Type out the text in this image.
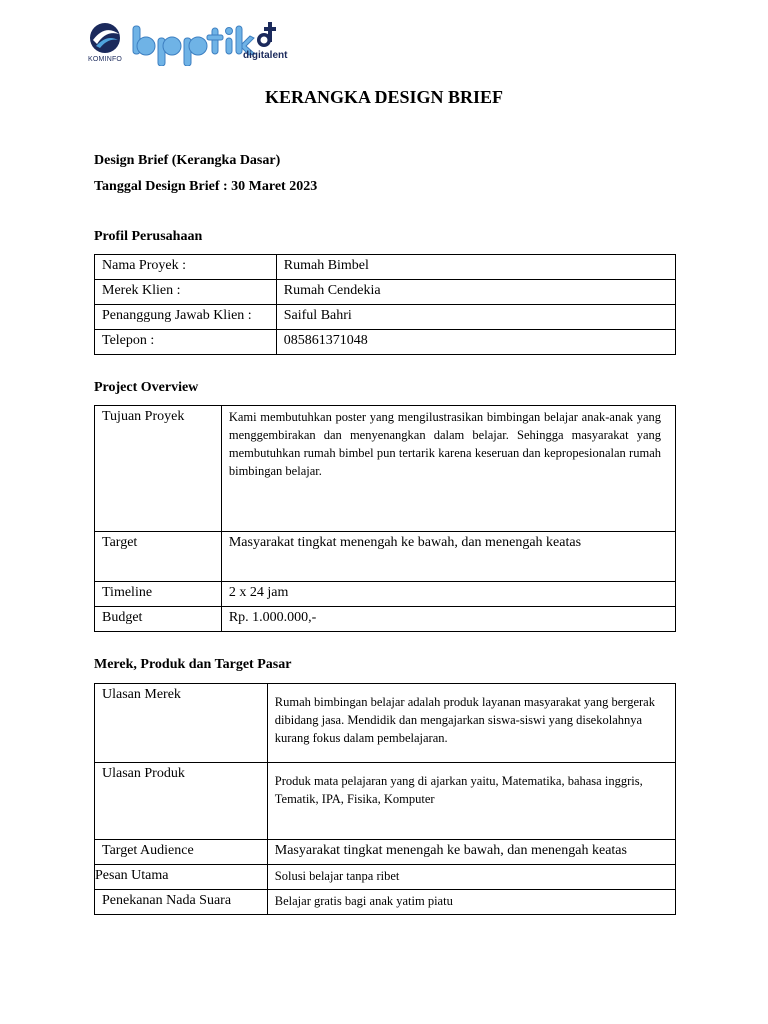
KOMINFO	digitalent
KERANGKA DESIGN BRIEF

Design Brief (Kerangka Dasar)

Tanggal Design Brief : 30 Maret 2023

Profil Perusahaan

Nama Proyek :	Rumah Bimbel

Merek Klien :	Rumah Cendekia

Penanggung Jawab Klien :	Saiful Bahri

Telepon :	085861371048

Project Overview

Tujuan Proyek	Kami membutuhkan poster yang mengilustrasikan bimbingan belajar anak-anak yang menggembirakan dan menyenangkan dalam belajar. Sehingga masyarakat yang membutuhkan rumah bimbel pun tertarik karena keseruan dan kepropesionalan rumah bimbingan belajar.

Target	Masyarakat tingkat menengah ke bawah, dan menengah keatas

Timeline	2 x 24 jam

Budget	Rp. 1.000.000,-

Merek, Produk dan Target Pasar

Ulasan Merek	Rumah bimbingan belajar adalah produk layanan masyarakat yang bergerak dibidang jasa. Mendidik dan mengajarkan siswa-siswi yang disekolahnya kurang fokus dalam pembelajaran.

Ulasan Produk	Produk mata pelajaran yang di ajarkan yaitu, Matematika, bahasa inggris, Tematik, IPA, Fisika, Komputer

Target Audience	Masyarakat tingkat menengah ke bawah, dan menengah keatas

Pesan Utama	Solusi belajar tanpa ribet

Penekanan Nada Suara	Belajar gratis bagi anak yatim piatu
